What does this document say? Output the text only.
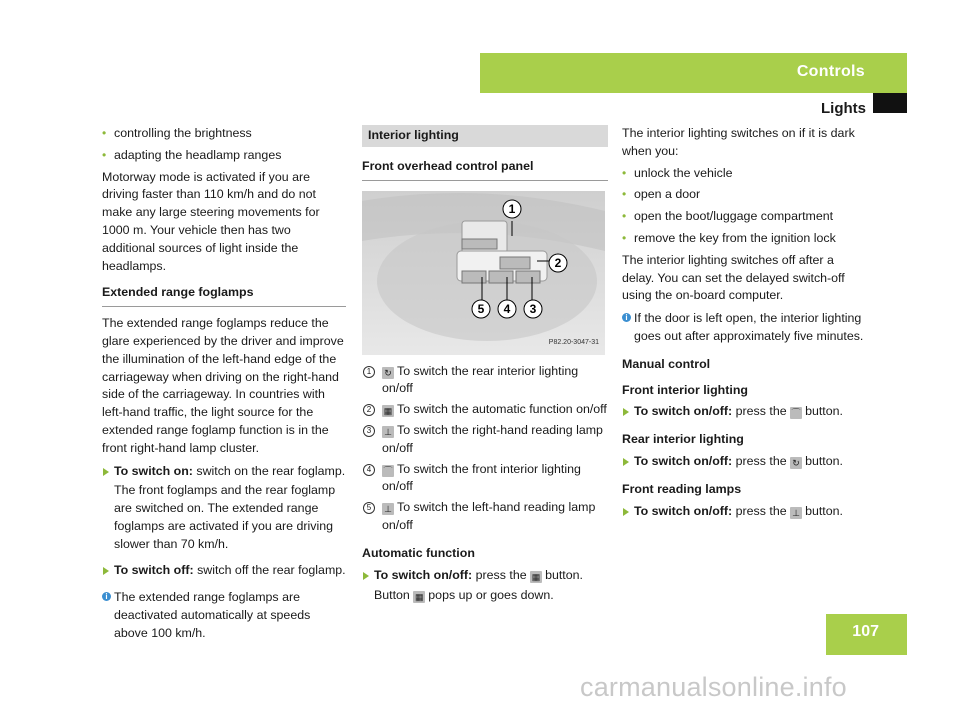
Controls
Lights

• controlling the brightness

• adapting the headlamp ranges

Motorway mode is activated if you are driving faster than 110 km/h and do not make any large steering movements for 1000 m. Your vehicle then has two additional sources of light inside the headlamps.

Extended range foglamps

The extended range foglamps reduce the glare experienced by the driver and improve the illumination of the left-hand edge of the carriageway when driving on the right-hand side of the carriageway. In countries with left-hand traffic, the light source for the extended range foglamp function is in the front right-hand lamp cluster.

To switch on: switch on the rear foglamp.

The front foglamps and the rear foglamp are switched on. The extended range foglamps are activated if you are driving slower than 70 km/h.

To switch off: switch off the rear foglamp.

i The extended range foglamps are deactivated automatically at speeds above 100 km/h.

Interior lighting

Front overhead control panel

1
2
3
4
5
P82.20-3047-31
1	↻ To switch the rear interior lighting on/off
2	▦ To switch the automatic function on/off
3	⊥ To switch the right-hand reading lamp on/off
4	⌒ To switch the front interior lighting on/off
5	⊥ To switch the left-hand reading lamp on/off

Automatic function

To switch on/off: press the ▦ button.

Button ▦ pops up or goes down.

The interior lighting switches on if it is dark when you:

• unlock the vehicle

• open a door

• open the boot/luggage compartment

• remove the key from the ignition lock

The interior lighting switches off after a delay. You can set the delayed switch-off using the on-board computer.

i If the door is left open, the interior lighting goes out after approximately five minutes.

Manual control

Front interior lighting

To switch on/off: press the ⌒ button.

Rear interior lighting

To switch on/off: press the ↻ button.

Front reading lamps

To switch on/off: press the ⊥ button.

107
carmanualsonline.info
